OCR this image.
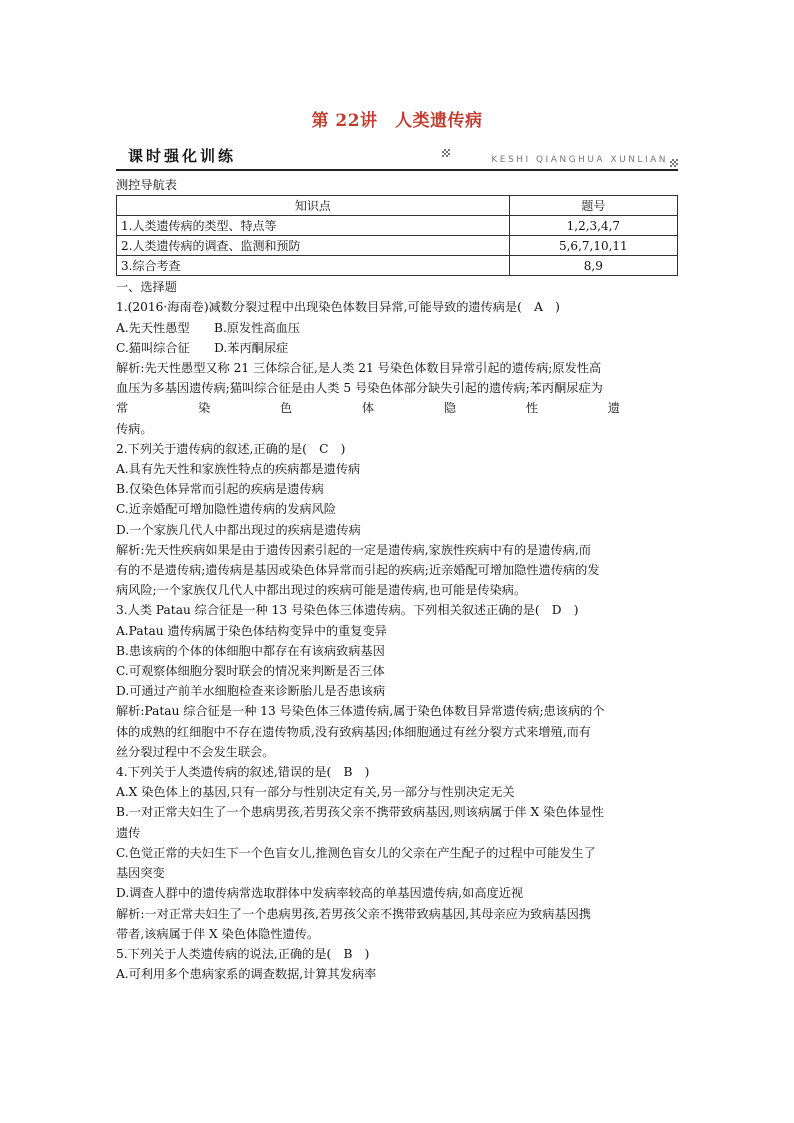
第 22讲　人类遗传病
课时强化训练	KESHI QIANGHUA XUNLIAN
测控导航表
知识点	题号
1.人类遗传病的类型、特点等	1,2,3,4,7
2.人类遗传病的调查、监测和预防	5,6,7,10,11
3.综合考查	8,9
一、选择题
1.(2016·海南卷)减数分裂过程中出现染色体数目异常,可能导致的遗传病是(　A　)
A.先天性愚型　　B.原发性高血压
C.猫叫综合征　　D.苯丙酮尿症
解析:先天性愚型又称 21 三体综合征,是人类 21 号染色体数目异常引起的遗传病;原发性高
血压为多基因遗传病;猫叫综合征是由人类 5 号染色体部分缺失引起的遗传病;苯丙酮尿症为
常染色体隐性遗
传病。
2.下列关于遗传病的叙述,正确的是(　C　)
A.具有先天性和家族性特点的疾病都是遗传病
B.仅染色体异常而引起的疾病是遗传病
C.近亲婚配可增加隐性遗传病的发病风险
D.一个家族几代人中都出现过的疾病是遗传病
解析:先天性疾病如果是由于遗传因素引起的一定是遗传病,家族性疾病中有的是遗传病,而
有的不是遗传病;遗传病是基因或染色体异常而引起的疾病;近亲婚配可增加隐性遗传病的发
病风险;一个家族仅几代人中都出现过的疾病可能是遗传病,也可能是传染病。
3.人类 Patau 综合征是一种 13 号染色体三体遗传病。下列相关叙述正确的是(　D　)
A.Patau 遗传病属于染色体结构变异中的重复变异
B.患该病的个体的体细胞中都存在有该病致病基因
C.可观察体细胞分裂时联会的情况来判断是否三体
D.可通过产前羊水细胞检查来诊断胎儿是否患该病
解析:Patau 综合征是一种 13 号染色体三体遗传病,属于染色体数目异常遗传病;患该病的个
体的成熟的红细胞中不存在遗传物质,没有致病基因;体细胞通过有丝分裂方式来增殖,而有
丝分裂过程中不会发生联会。
4.下列关于人类遗传病的叙述,错误的是(　B　)
A.X 染色体上的基因,只有一部分与性别决定有关,另一部分与性别决定无关
B.一对正常夫妇生了一个患病男孩,若男孩父亲不携带致病基因,则该病属于伴 X 染色体显性
遗传
C.色觉正常的夫妇生下一个色盲女儿,推测色盲女儿的父亲在产生配子的过程中可能发生了
基因突变
D.调查人群中的遗传病常选取群体中发病率较高的单基因遗传病,如高度近视
解析:一对正常夫妇生了一个患病男孩,若男孩父亲不携带致病基因,其母亲应为致病基因携
带者,该病属于伴 X 染色体隐性遗传。
5.下列关于人类遗传病的说法,正确的是(　B　)
A.可利用多个患病家系的调查数据,计算其发病率
